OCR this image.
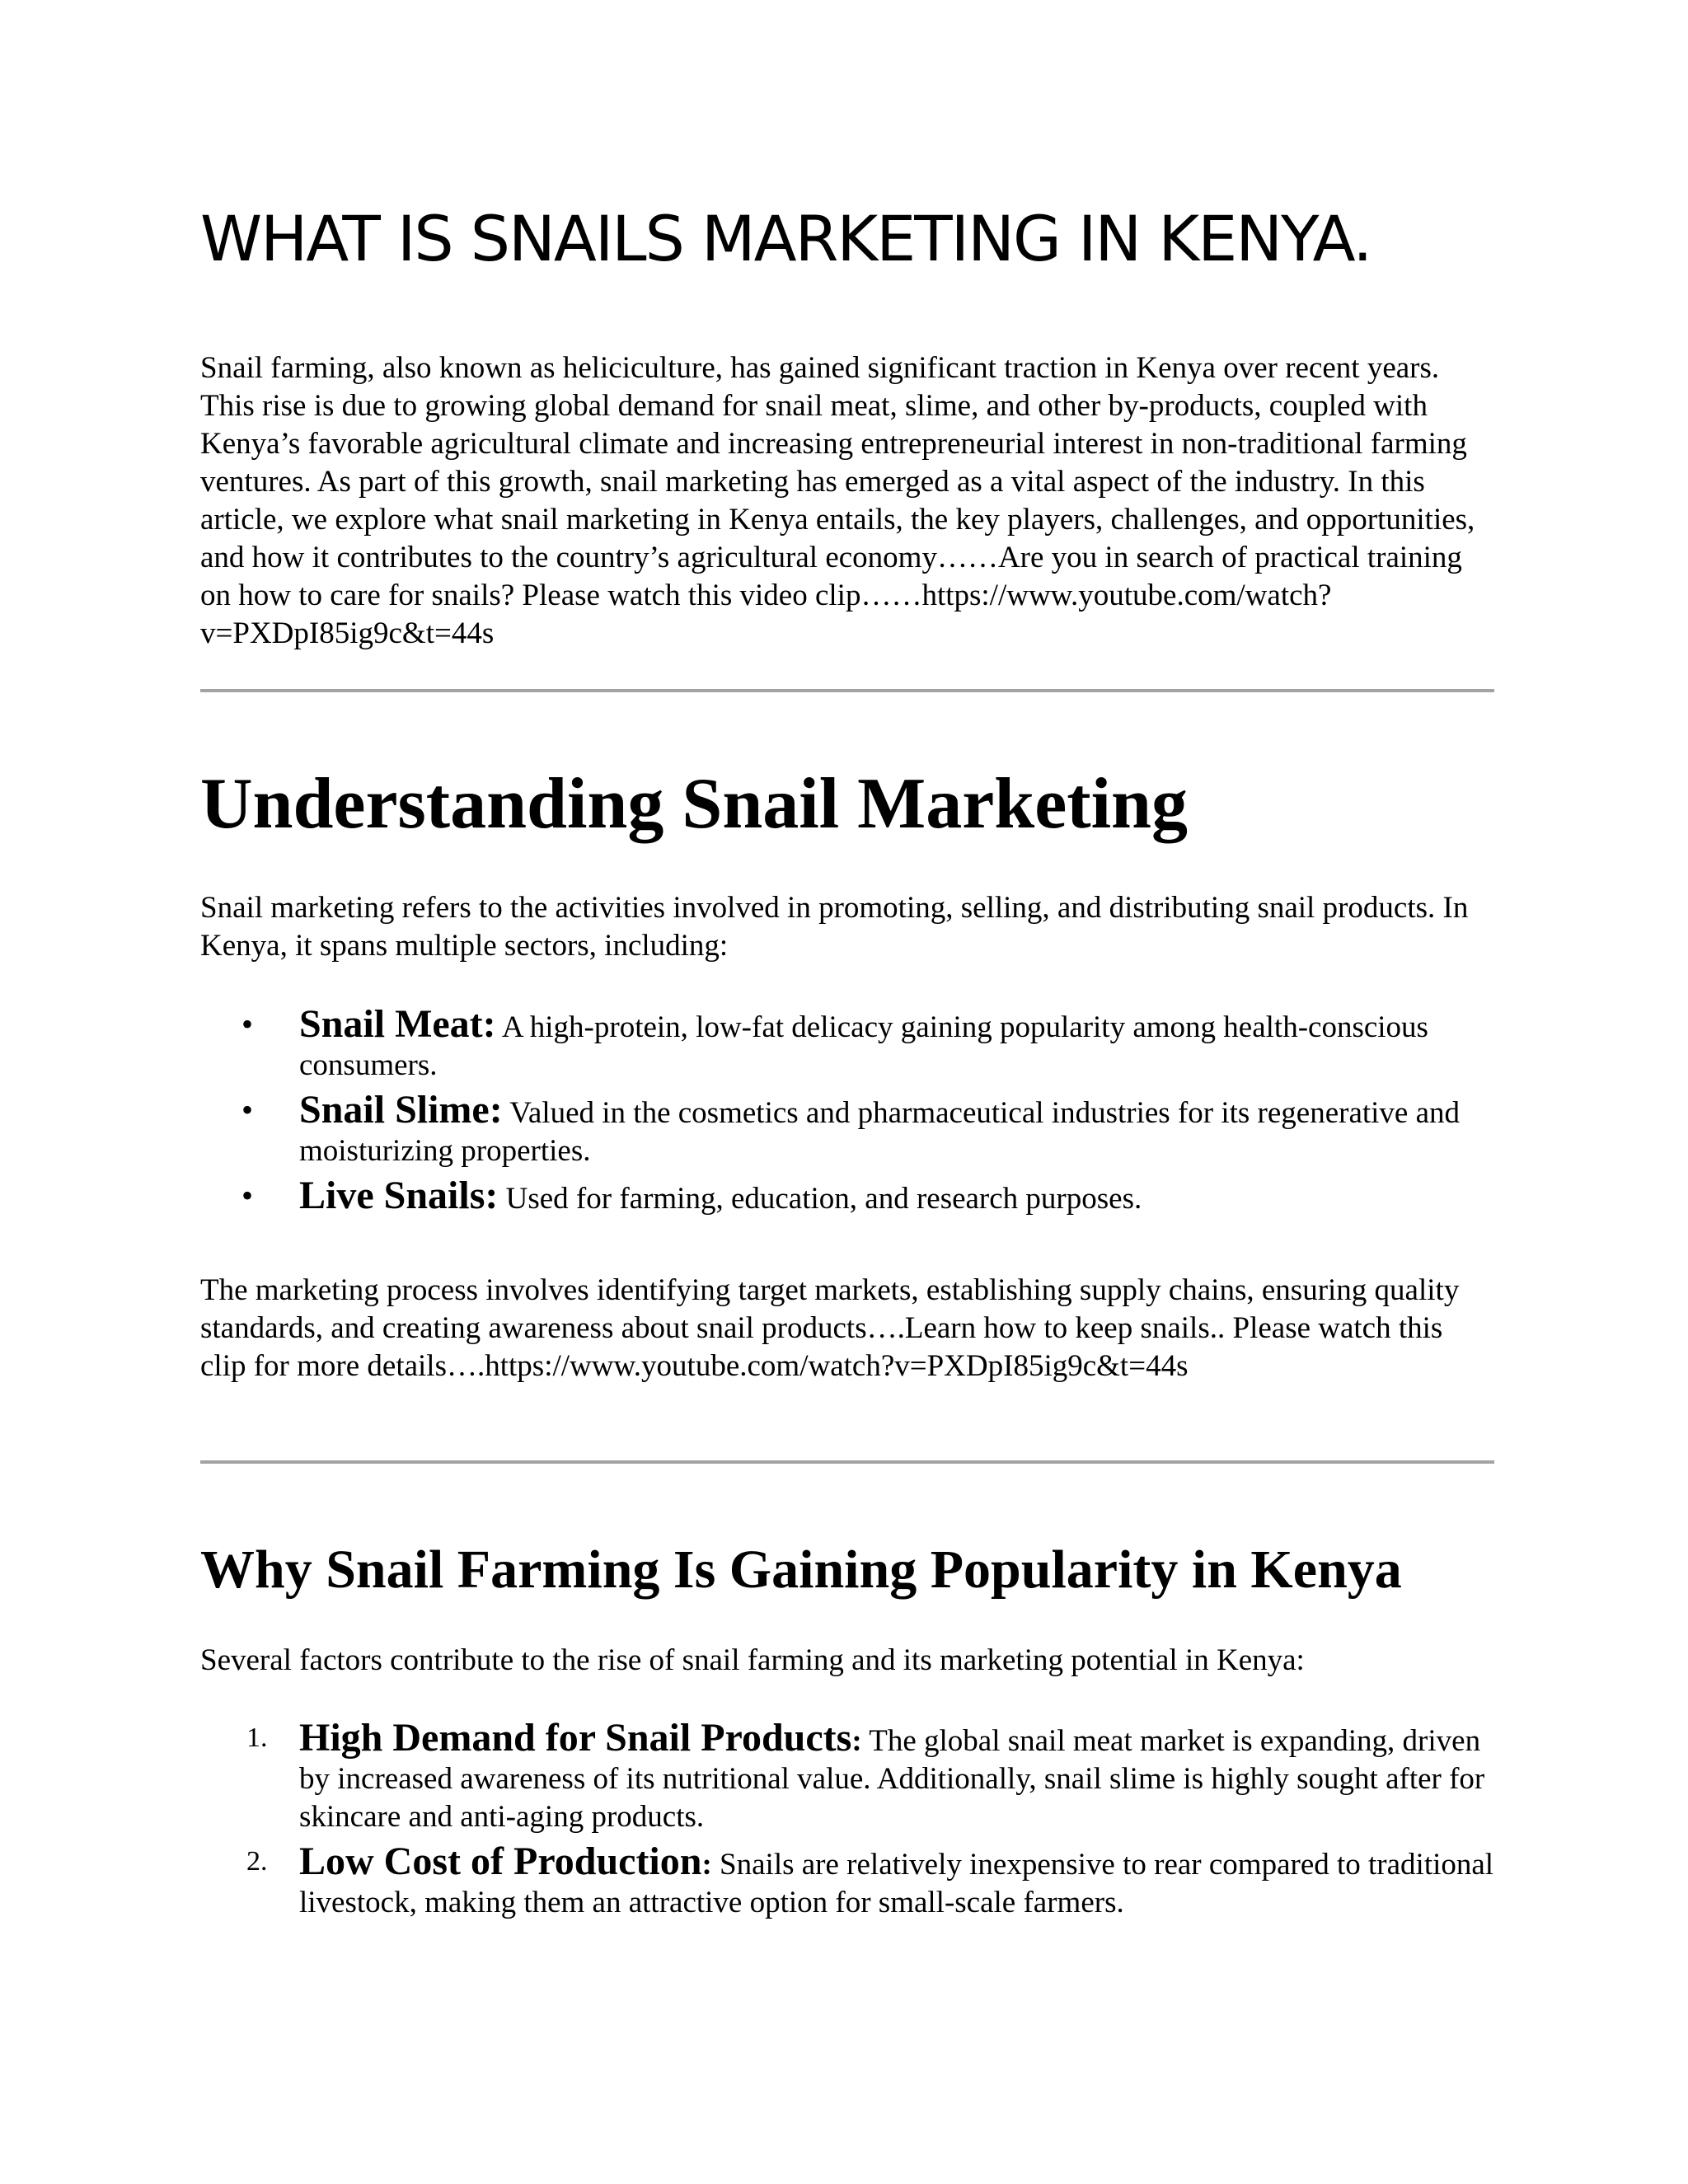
WHAT IS SNAILS MARKETING IN KENYA.

Snail farming, also known as heliciculture, has gained significant traction in Kenya over recent years. This rise is due to growing global demand for snail meat, slime, and other by-products, coupled with Kenya’s favorable agricultural climate and increasing entrepreneurial interest in non-traditional farming ventures. As part of this growth, snail marketing has emerged as a vital aspect of the industry. In this article, we explore what snail marketing in Kenya entails, the key players, challenges, and opportunities, and how it contributes to the country’s agricultural economy……Are you in search of practical training on how to care for snails? Please watch this video clip……https://www.youtube.com/watch?v=PXDpI85ig9c&t=44s

Understanding Snail Marketing

Snail marketing refers to the activities involved in promoting, selling, and distributing snail products. In Kenya, it spans multiple sectors, including:

•	Snail Meat: A high-protein, low-fat delicacy gaining popularity among health-conscious consumers.
•	Snail Slime: Valued in the cosmetics and pharmaceutical industries for its regenerative and moisturizing properties.
•	Live Snails: Used for farming, education, and research purposes.

The marketing process involves identifying target markets, establishing supply chains, ensuring quality standards, and creating awareness about snail products….Learn how to keep snails.. Please watch this clip for more details….https://www.youtube.com/watch?v=PXDpI85ig9c&t=44s

Why Snail Farming Is Gaining Popularity in Kenya

Several factors contribute to the rise of snail farming and its marketing potential in Kenya:

1. High Demand for Snail Products: The global snail meat market is expanding, driven by increased awareness of its nutritional value. Additionally, snail slime is highly sought after for skincare and anti-aging products.
2. Low Cost of Production: Snails are relatively inexpensive to rear compared to traditional livestock, making them an attractive option for small-scale farmers.
